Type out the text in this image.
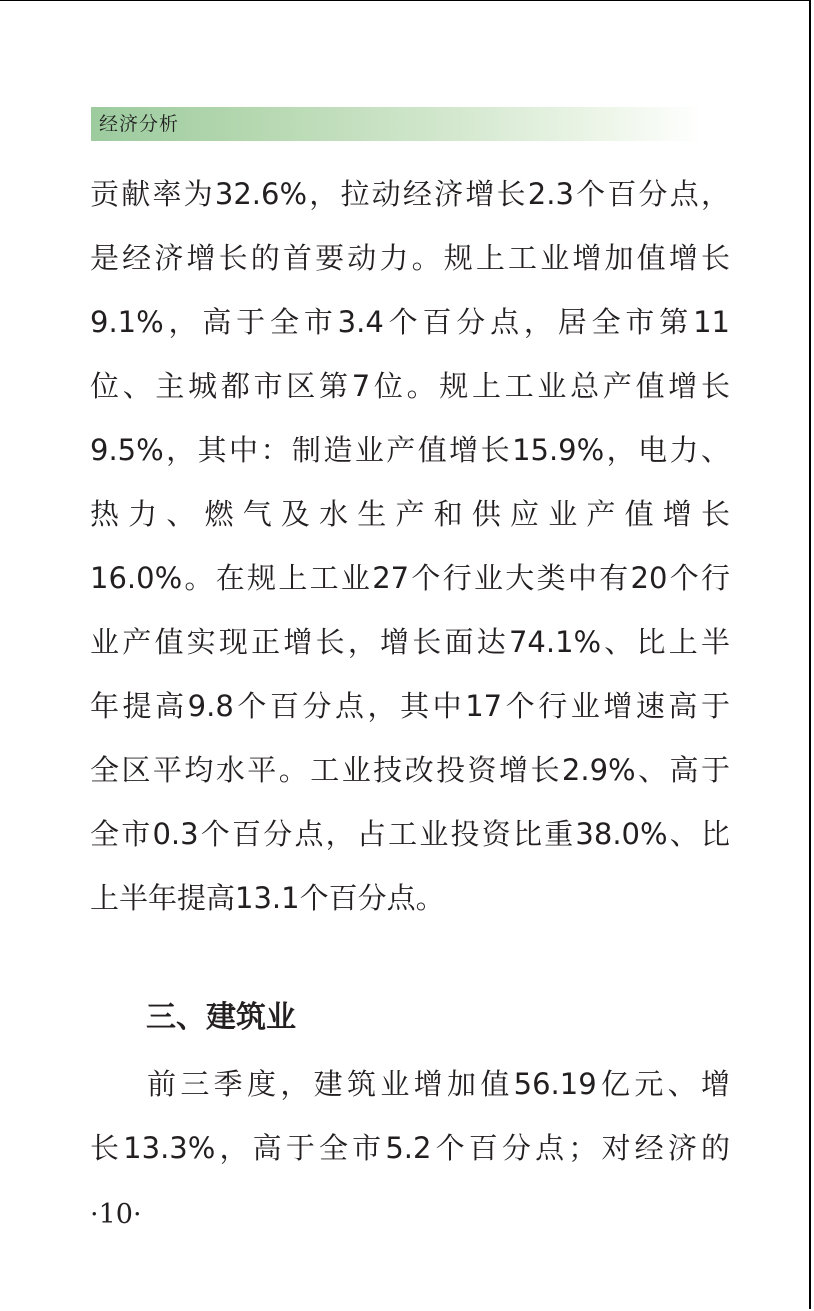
经济分析
贡献率为32.6%，拉动经济增长2.3个百分点，
是经济增长的首要动力。规上工业增加值增长
9.1%，高于全市3.4个百分点，居全市第11
位、主城都市区第7位。规上工业总产值增长
9.5%，其中：制造业产值增长15.9%，电力、
热力、燃气及水生产和供应业产值增长
16.0%。在规上工业27个行业大类中有20个行
业产值实现正增长，增长面达74.1%、比上半
年提高9.8个百分点，其中17个行业增速高于
全区平均水平。工业技改投资增长2.9%、高于
全市0.3个百分点，占工业投资比重38.0%、比
上半年提高13.1个百分点。
三、建筑业
前三季度，建筑业增加值56.19亿元、增
长13.3%，高于全市5.2个百分点；对经济的
·10·
